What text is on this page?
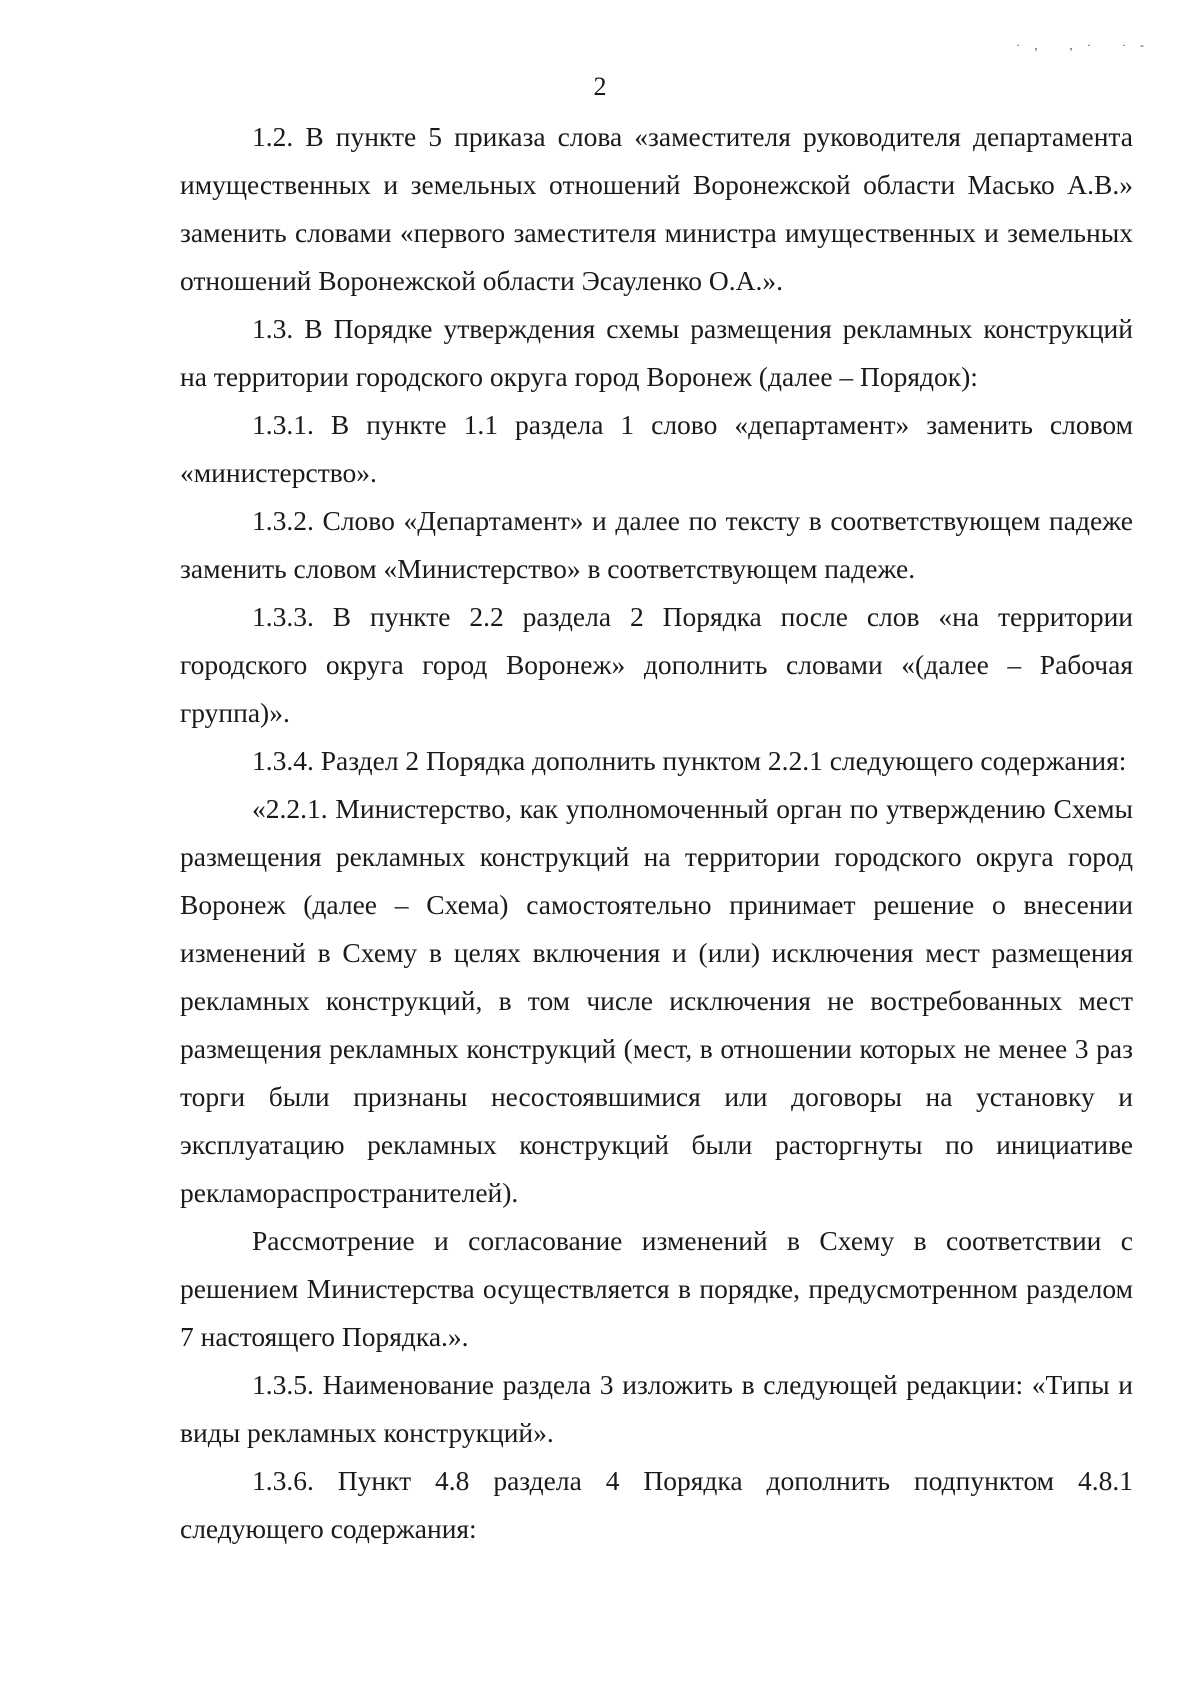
·‚ ‚· ·‐
2

1.2. В пункте 5 приказа слова «заместителя руководителя департамента имущественных и земельных отношений Воронежской области Масько А.В.» заменить словами «первого заместителя министра имущественных и земельных отношений Воронежской области Эсауленко О.А.».

1.3. В Порядке утверждения схемы размещения рекламных конструкций на территории городского округа город Воронеж (далее – Порядок):

1.3.1. В пункте 1.1 раздела 1 слово «департамент» заменить словом «министерство».

1.3.2. Слово «Департамент» и далее по тексту в соответствующем падеже заменить словом «Министерство» в соответствующем падеже.

1.3.3. В пункте 2.2 раздела 2 Порядка после слов «на территории городского округа город Воронеж» дополнить словами «(далее – Рабочая группа)».

1.3.4. Раздел 2 Порядка дополнить пунктом 2.2.1 следующего содержания:

«2.2.1. Министерство, как уполномоченный орган по утверждению Схемы размещения рекламных конструкций на территории городского округа город Воронеж (далее – Схема) самостоятельно принимает решение о внесении изменений в Схему в целях включения и (или) исключения мест размещения рекламных конструкций, в том числе исключения не востребованных мест размещения рекламных конструкций (мест, в отношении которых не менее 3 раз торги были признаны несостоявшимися или договоры на установку и эксплуатацию рекламных конструкций были расторгнуты по инициативе рекламораспространителей).

Рассмотрение и согласование изменений в Схему в соответствии с решением Министерства осуществляется в порядке, предусмотренном разделом 7 настоящего Порядка.».

1.3.5. Наименование раздела 3 изложить в следующей редакции: «Типы и виды рекламных конструкций».

1.3.6. Пункт 4.8 раздела 4 Порядка дополнить подпунктом 4.8.1 следующего содержания:
